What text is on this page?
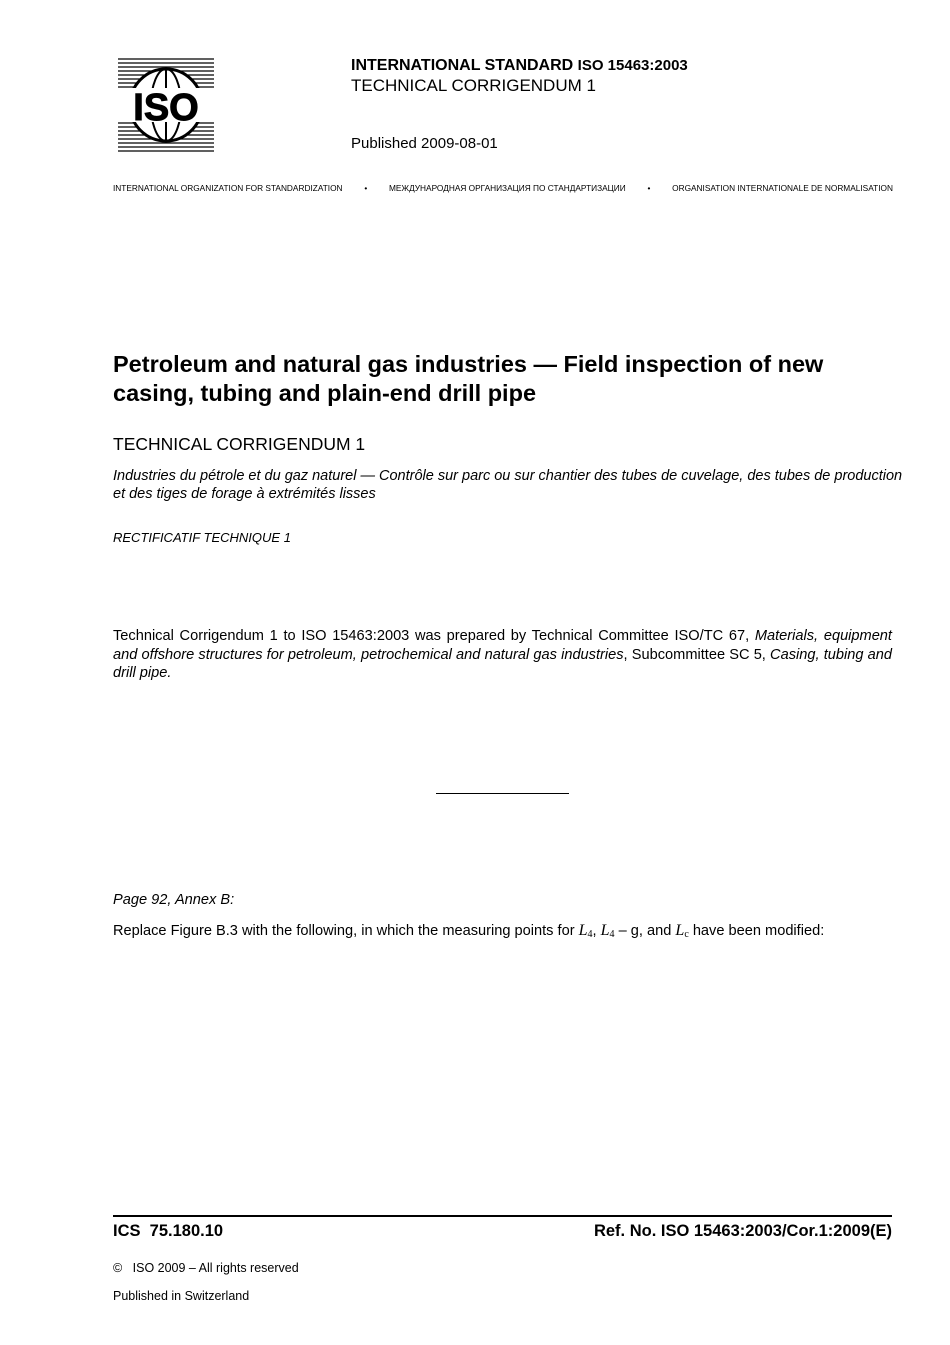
ISO
INTERNATIONAL STANDARD ISO 15463:2003
TECHNICAL CORRIGENDUM 1
Published 2009-08-01
INTERNATIONAL ORGANIZATION FOR STANDARDIZATION	•	МЕЖДУНАРОДНАЯ ОРГАНИЗАЦИЯ ПО СТАНДАРТИЗАЦИИ	•	ORGANISATION INTERNATIONALE DE NORMALISATION
Petroleum and natural gas industries — Field inspection of new casing, tubing and plain-end drill pipe
TECHNICAL CORRIGENDUM 1
Industries du pétrole et du gaz naturel — Contrôle sur parc ou sur chantier des tubes de cuvelage, des tubes de production et des tiges de forage à extrémités lisses
RECTIFICATIF TECHNIQUE 1
Technical Corrigendum 1 to ISO 15463:2003 was prepared by Technical Committee ISO/TC 67, Materials, equipment and offshore structures for petroleum, petrochemical and natural gas industries, Subcommittee SC 5, Casing, tubing and drill pipe.
Page 92, Annex B:
Replace Figure B.3 with the following, in which the measuring points for $L_4$, $L_4$ – g, and $L_c$ have been modified:
ICS  75.180.10	Ref. No. ISO 15463:2003/Cor.1:2009(E)
©   ISO 2009 – All rights reserved
Published in Switzerland
